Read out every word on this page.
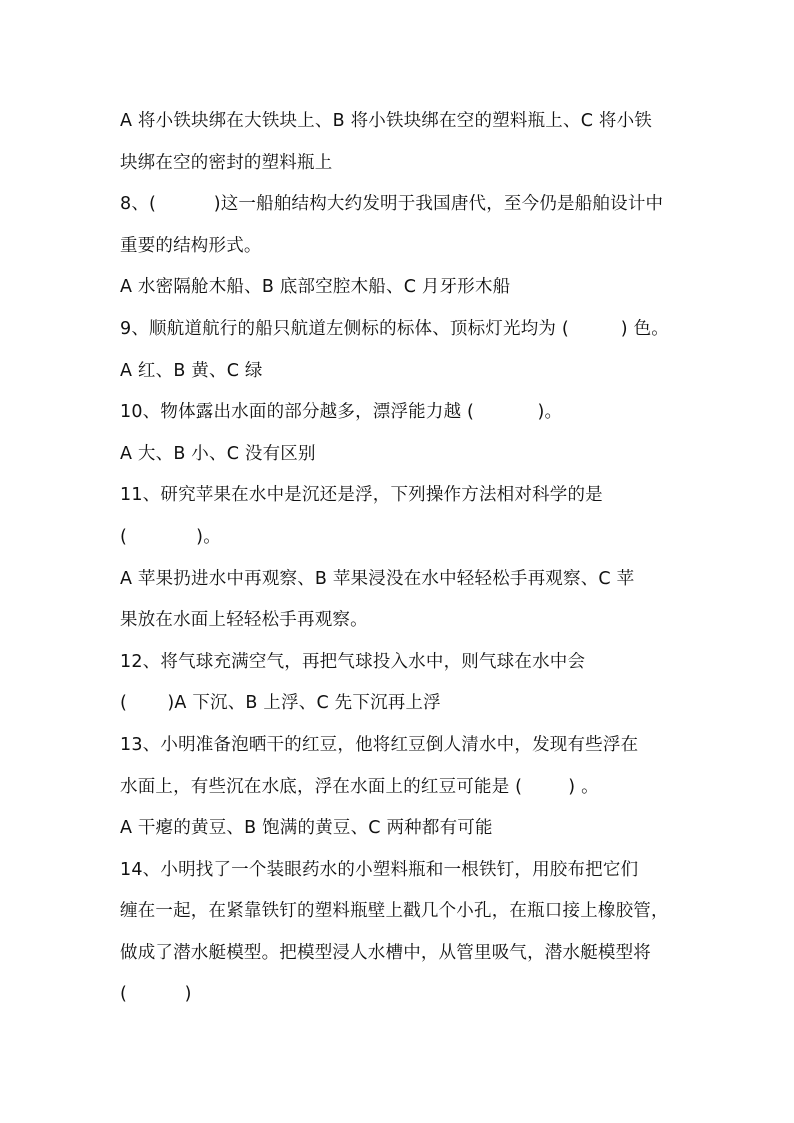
A 将小铁块绑在大铁块上、B 将小铁块绑在空的塑料瓶上、C 将小铁
块绑在空的密封的塑料瓶上
8、(          )这一船舶结构大约发明于我国唐代，至今仍是船舶设计中
重要的结构形式。
A 水密隔舱木船、B 底部空腔木船、C 月牙形木船
9、顺航道航行的船只航道左侧标的标体、顶标灯光均为 (         ) 色。
A 红、B 黄、C 绿
10、物体露出水面的部分越多，漂浮能力越 (           )。
A 大、B 小、C 没有区别
11、研究苹果在水中是沉还是浮，下列操作方法相对科学的是
(            )。
A 苹果扔进水中再观察、B 苹果浸没在水中轻轻松手再观察、C 苹
果放在水面上轻轻松手再观察。
12、将气球充满空气，再把气球投入水中，则气球在水中会
(       )A 下沉、B 上浮、C 先下沉再上浮
13、小明准备泡晒干的红豆，他将红豆倒人清水中，发现有些浮在
水面上，有些沉在水底，浮在水面上的红豆可能是 (        ) 。
A 干瘪的黄豆、B 饱满的黄豆、C 两种都有可能
14、小明找了一个装眼药水的小塑料瓶和一根铁钉，用胶布把它们
缠在一起，在紧靠铁钉的塑料瓶壁上戳几个小孔，在瓶口接上橡胶管，
做成了潜水艇模型。把模型浸人水槽中，从管里吸气，潜水艇模型将
(          )
